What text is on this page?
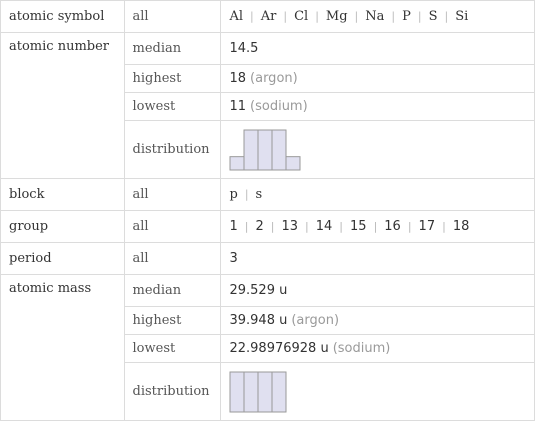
atomic symbol	all	Al | Ar | Cl | Mg | Na | P | S | Si
atomic number	median	14.5
	highest	18 (argon)
	lowest	11 (sodium)
	distribution	

block	all	p | s
group	all	1 | 2 | 13 | 14 | 15 | 16 | 17 | 18
period	all	3
atomic mass	median	29.529 u
	highest	39.948 u (argon)
	lowest	22.98976928 u (sodium)
	distribution	
